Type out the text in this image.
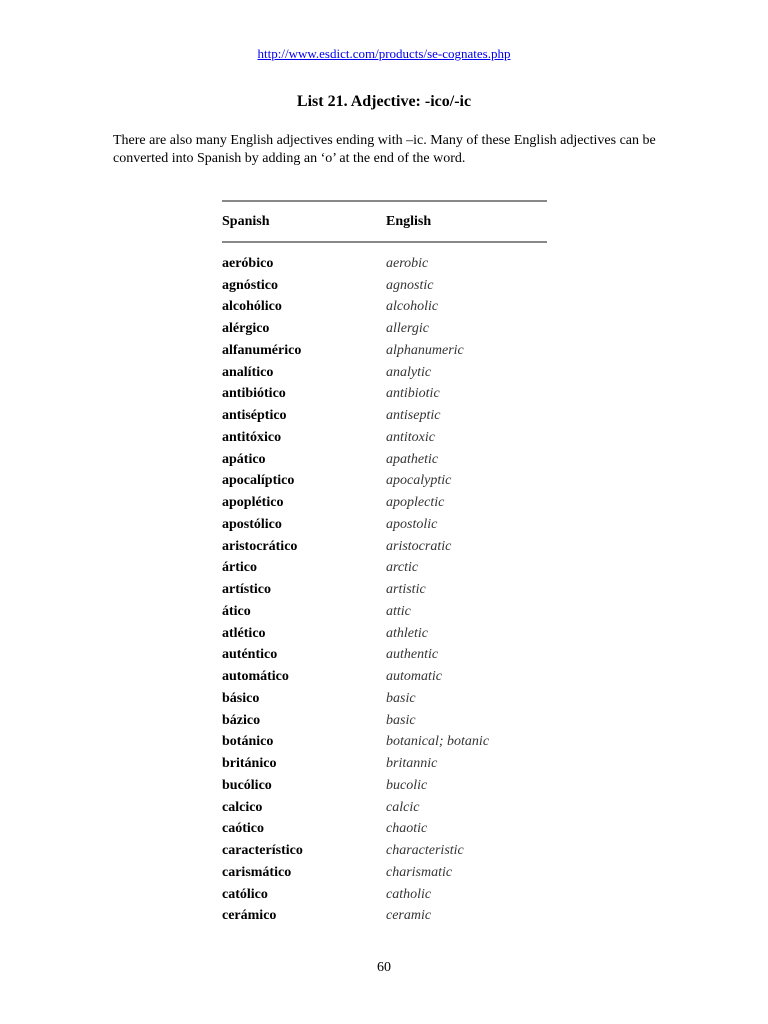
http://www.esdict.com/products/se-cognates.php
List 21. Adjective: -ico/-ic

There are also many English adjectives ending with –ic. Many of these English adjectives can be converted into Spanish by adding an ‘o’ at the end of the word.

Spanish	English
aeróbico	aerobic
agnóstico	agnostic
alcohólico	alcoholic
alérgico	allergic
alfanumérico	alphanumeric
analítico	analytic
antibiótico	antibiotic
antiséptico	antiseptic
antitóxico	antitoxic
apático	apathetic
apocalíptico	apocalyptic
apoplético	apoplectic
apostólico	apostolic
aristocrático	aristocratic
ártico	arctic
artístico	artistic
ático	attic
atlético	athletic
auténtico	authentic
automático	automatic
básico	basic
bázico	basic
botánico	botanical; botanic
británico	britannic
bucólico	bucolic
calcico	calcic
caótico	chaotic
característico	characteristic
carismático	charismatic
católico	catholic
cerámico	ceramic
60
